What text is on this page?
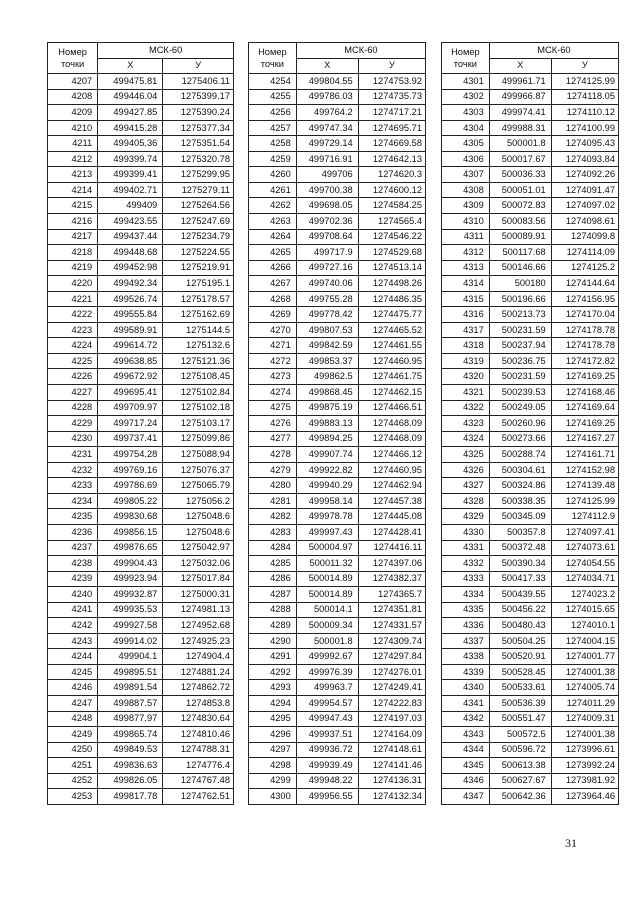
Номер
точки	МСК-60	
	X	У
4207	499475.81	1275406.11
4208	499446.04	1275399.17
4209	499427.85	1275390.24
4210	499415.28	1275377.34
4211	499405.36	1275351.54
4212	499399.74	1275320.78
4213	499399.41	1275299.95
4214	499402.71	1275279.11
4215	499409	1275264.56
4216	499423.55	1275247.69
4217	499437.44	1275234.79
4218	499448.68	1275224.55
4219	499452.98	1275219.91
4220	499492.34	1275195.1
4221	499526.74	1275178.57
4222	499555.84	1275162.69
4223	499589.91	1275144.5
4224	499614.72	1275132.6
4225	499638.85	1275121.36
4226	499672.92	1275108.45
4227	499695.41	1275102.84
4228	499709.97	1275102.18
4229	499717.24	1275103.17
4230	499737.41	1275099.86
4231	499754.28	1275088.94
4232	499769.16	1275076.37
4233	499786.69	1275065.79
4234	499805.22	1275056.2
4235	499830.68	1275048.6
4236	499856.15	1275048.6
4237	499876.65	1275042.97
4238	499904.43	1275032.06
4239	499923.94	1275017.84
4240	499932.87	1275000.31
4241	499935.53	1274981.13
4242	499927.58	1274952.68
4243	499914.02	1274925.23
4244	499904.1	1274904.4
4245	499895.51	1274881.24
4246	499891.54	1274862.72
4247	499887.57	1274853.8
4248	499877.97	1274830.64
4249	499865.74	1274810.46
4250	499849.53	1274788.31
4251	499836.63	1274776.4
4252	499826.05	1274767.48
4253	499817.78	1274762.51
Номер
точки	МСК-60	
	X	У
4254	499804.55	1274753.92
4255	499786.03	1274735.73
4256	499764.2	1274717.21
4257	499747.34	1274695.71
4258	499729.14	1274669.58
4259	499716.91	1274642.13
4260	499706	1274620.3
4261	499700.38	1274600.12
4262	499698.05	1274584.25
4263	499702.36	1274565.4
4264	499708.64	1274546.22
4265	499717.9	1274529.68
4266	499727.16	1274513.14
4267	499740.06	1274498.26
4268	499755.28	1274486.35
4269	499778.42	1274475.77
4270	499807.53	1274465.52
4271	499842.59	1274461.55
4272	499853.37	1274460.95
4273	499862.5	1274461.75
4274	499868.45	1274462.15
4275	499875.19	1274466.51
4276	499883.13	1274468.09
4277	499894.25	1274468.09
4278	499907.74	1274466.12
4279	499922.82	1274460.95
4280	499940.29	1274462.94
4281	499958.14	1274457.38
4282	499978.78	1274445.08
4283	499997.43	1274428.41
4284	500004.97	1274416.11
4285	500011.32	1274397.06
4286	500014.89	1274382.37
4287	500014.89	1274365.7
4288	500014.1	1274351.81
4289	500009.34	1274331.57
4290	500001.8	1274309.74
4291	499992.67	1274297.84
4292	499976.39	1274276.01
4293	499963.7	1274249.41
4294	499954.57	1274222.83
4295	499947.43	1274197.03
4296	499937.51	1274164.09
4297	499936.72	1274148.61
4298	499939.49	1274141.46
4299	499948.22	1274136.31
4300	499956.55	1274132.34
Номер
точки	МСК-60	
	X	У
4301	499961.71	1274125.99
4302	499966.87	1274118.05
4303	499974.41	1274110.12
4304	499988.31	1274100.99
4305	500001.8	1274095.43
4306	500017.67	1274093.84
4307	500036.33	1274092.26
4308	500051.01	1274091.47
4309	500072.83	1274097.02
4310	500083.56	1274098.61
4311	500089.91	1274099.8
4312	500117.68	1274114.09
4313	500146.66	1274125.2
4314	500180	1274144.64
4315	500196.66	1274156.95
4316	500213.73	1274170.04
4317	500231.59	1274178.78
4318	500237.94	1274178.78
4319	500236.75	1274172.82
4320	500231.59	1274169.25
4321	500239.53	1274168.46
4322	500249.05	1274169.64
4323	500260.96	1274169.25
4324	500273.66	1274167.27
4325	500288.74	1274161.71
4326	500304.61	1274152.98
4327	500324.86	1274139.48
4328	500338.35	1274125.99
4329	500345.09	1274112.9
4330	500357.8	1274097.41
4331	500372.48	1274073.61
4332	500390.34	1274054.55
4333	500417.33	1274034.71
4334	500439.55	1274023.2
4335	500456.22	1274015.65
4336	500480.43	1274010.1
4337	500504.25	1274004.15
4338	500520.91	1274001.77
4339	500528.45	1274001.38
4340	500533.61	1274005.74
4341	500536.39	1274011.29
4342	500551.47	1274009.31
4343	500572.5	1274001.38
4344	500596.72	1273996.61
4345	500613.38	1273992.24
4346	500627.67	1273981.92
4347	500642.36	1273964.46
31
